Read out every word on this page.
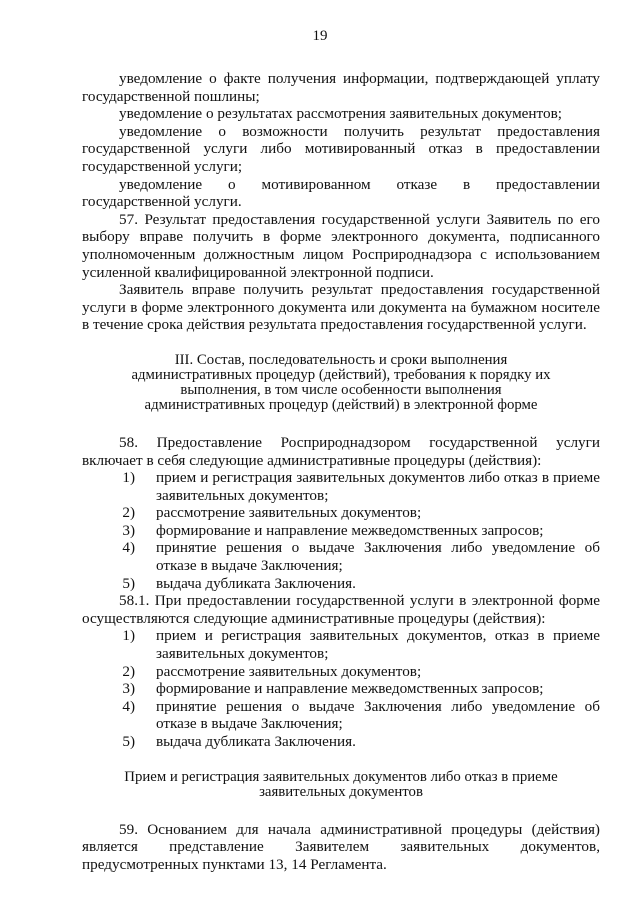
19

уведомление о факте получения информации, подтверждающей уплату государственной пошлины;

уведомление о результатах рассмотрения заявительных документов;

уведомление о возможности получить результат предоставления государственной услуги либо мотивированный отказ в предоставлении государственной услуги;

уведомление о мотивированном отказе в предоставлении государственной услуги.

57. Результат предоставления государственной услуги Заявитель по его выбору вправе получить в форме электронного документа, подписанного уполномоченным должностным лицом Росприроднадзора с использованием усиленной квалифицированной электронной подписи.

Заявитель вправе получить результат предоставления государственной услуги в форме электронного документа или документа на бумажном носителе в течение срока действия результата предоставления государственной услуги.

III. Состав, последовательность и сроки выполнения административных процедур (действий), требования к порядку их выполнения, в том числе особенности выполнения административных процедур (действий) в электронной форме

58. Предоставление Росприроднадзором государственной услуги включает в себя следующие административные процедуры (действия):

1)	прием и регистрация заявительных документов либо отказ в приеме заявительных документов;
2)	рассмотрение заявительных документов;
3)	формирование и направление межведомственных запросов;
4)	принятие решения о выдаче Заключения либо уведомление об отказе в выдаче Заключения;
5)	выдача дубликата Заключения.

58.1. При предоставлении государственной услуги в электронной форме осуществляются следующие административные процедуры (действия):

1)	прием и регистрация заявительных документов, отказ в приеме заявительных документов;
2)	рассмотрение заявительных документов;
3)	формирование и направление межведомственных запросов;
4)	принятие решения о выдаче Заключения либо уведомление об отказе в выдаче Заключения;
5)	выдача дубликата Заключения.

Прием и регистрация заявительных документов либо отказ в приеме заявительных документов

59. Основанием для начала административной процедуры (действия) является представление Заявителем заявительных документов, предусмотренных пунктами 13, 14 Регламента.
